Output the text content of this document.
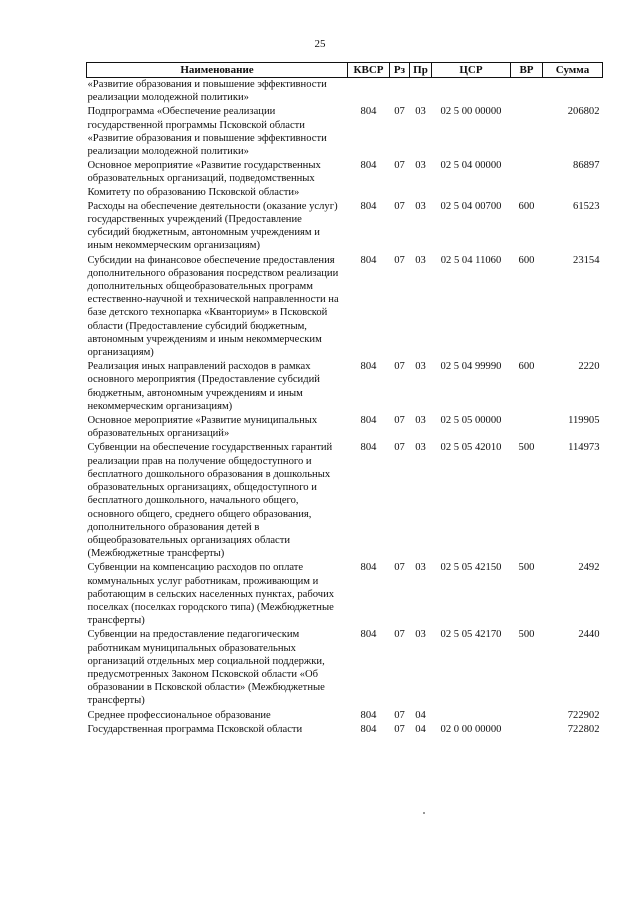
25
Наименование	КВСР	Рз	Пр	ЦСР	ВР	Сумма
«Развитие образования и повышение эффективности реализации молодежной политики»						
Подпрограмма «Обеспечение реализации государственной программы Псковской области «Развитие образования и повышение эффективности реализации молодежной политики»	804	07	03	02 5 00 00000		206802
Основное мероприятие «Развитие государственных образовательных организаций, подведомственных Комитету по образованию Псковской области»	804	07	03	02 5 04 00000		86897
Расходы на обеспечение деятельности (оказание услуг) государственных учреждений (Предоставление субсидий бюджетным, автономным учреждениям и иным некоммерческим организациям)	804	07	03	02 5 04 00700	600	61523
Субсидии на финансовое обеспечение предоставления дополнительного образования посредством реализации дополнительных общеобразовательных программ естественно-научной и технической направленности на базе детского технопарка «Кванториум» в Псковской области (Предоставление субсидий бюджетным, автономным учреждениям и иным некоммерческим организациям)	804	07	03	02 5 04 11060	600	23154
Реализация иных направлений расходов в рамках основного мероприятия (Предоставление субсидий бюджетным, автономным учреждениям и иным некоммерческим организациям)	804	07	03	02 5 04 99990	600	2220
Основное мероприятие «Развитие муниципальных образовательных организаций»	804	07	03	02 5 05 00000		119905
Субвенции на обеспечение государственных гарантий реализации прав на получение общедоступного и бесплатного дошкольного образования в дошкольных образовательных организациях, общедоступного и бесплатного дошкольного, начального общего, основного общего, среднего общего образования, дополнительного образования детей в общеобразовательных организациях области (Межбюджетные трансферты)	804	07	03	02 5 05 42010	500	114973
Субвенции на компенсацию расходов по оплате коммунальных услуг работникам, проживающим и работающим в сельских населенных пунктах, рабочих поселках (поселках городского типа) (Межбюджетные трансферты)	804	07	03	02 5 05 42150	500	2492
Субвенции на предоставление педагогическим работникам муниципальных образовательных организаций отдельных мер социальной поддержки, предусмотренных Законом Псковской области «Об образовании в Псковской области» (Межбюджетные трансферты)	804	07	03	02 5 05 42170	500	2440
Среднее профессиональное образование	804	07	04			722902
Государственная программа Псковской области	804	07	04	02 0 00 00000		722802
